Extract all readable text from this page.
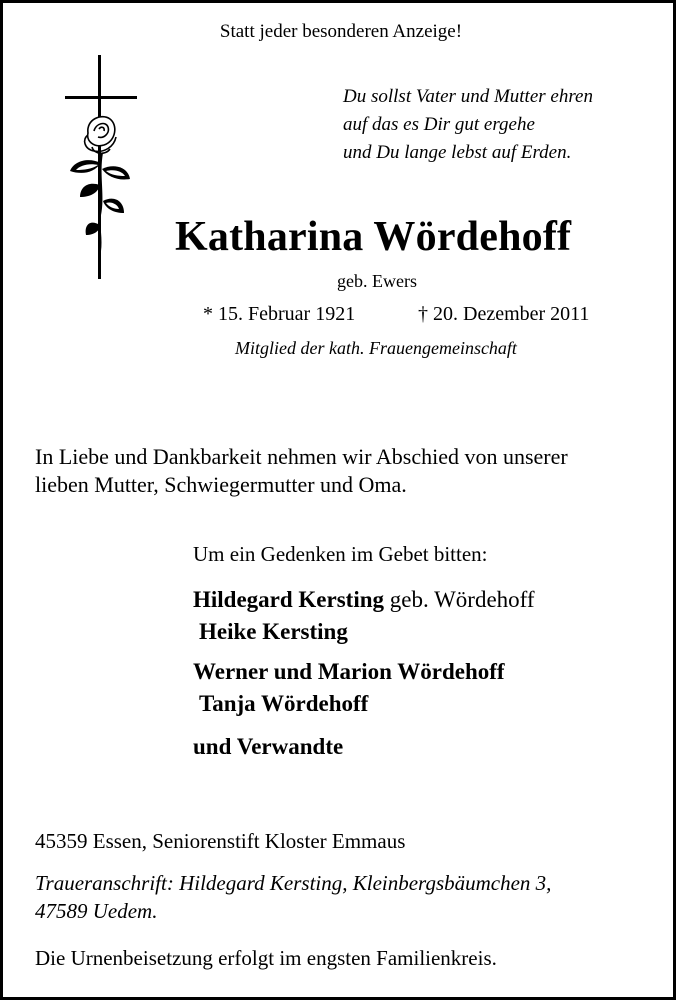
Statt jeder besonderen Anzeige!
Du sollst Vater und Mutter ehren
auf das es Dir gut ergehe
und Du lange lebst auf Erden.
Katharina Wördehoff
geb. Ewers
* 15. Februar 1921	† 20. Dezember 2011
Mitglied der kath. Frauengemeinschaft
In Liebe und Dankbarkeit nehmen wir Abschied von unserer
lieben Mutter, Schwiegermutter und Oma.
Um ein Gedenken im Gebet bitten:
Hildegard Kersting geb. Wördehoff
Heike Kersting
Werner und Marion Wördehoff
Tanja Wördehoff
und Verwandte
45359 Essen, Seniorenstift Kloster Emmaus
Traueranschrift: Hildegard Kersting, Kleinbergsbäumchen 3,
47589 Uedem.
Die Urnenbeisetzung erfolgt im engsten Familienkreis.
